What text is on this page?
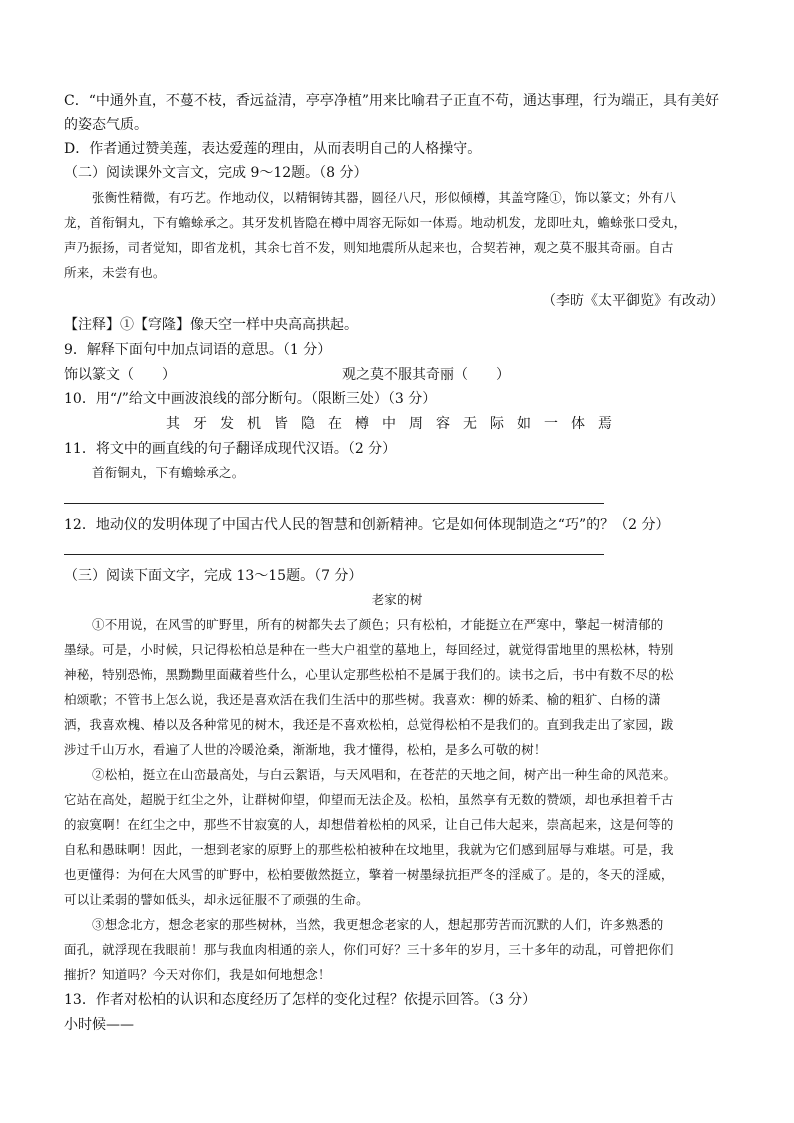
C．“中通外直，不蔓不枝，香远益清，亭亭净植”用来比喻君子正直不苟，通达事理，行为端正，具有美好
的姿态气质。
D．作者通过赞美莲，表达爱莲的理由，从而表明自己的人格操守。
（二）阅读课外文言文，完成 9～12题。（8 分）
张衡性精微，有巧艺。作地动仪，以精铜铸其器，圆径八尺，形似倾樽，其盖穹隆①，饰以篆文；外有八
龙，首衔铜丸，下有蟾蜍承之。其牙发机皆隐在樽中周容无际如一体焉。地动机发，龙即吐丸，蟾蜍张口受丸，
声乃振扬，司者觉知，即省龙机，其余七首不发，则知地震所从起来也，合契若神，观之莫不服其奇丽。自古
所来，未尝有也。
（李昉《太平御览》有改动）
【注释】①【穹隆】像天空一样中央高高拱起。
9．解释下面句中加点词语的意思。（1 分）
饰以篆文（　　）	观之莫不服其奇丽（　　）
10．用“/”给文中画波浪线的部分断句。（限断三处）（3 分）
其牙发机皆隐在樽中周容无际如一体焉
11．将文中的画直线的句子翻译成现代汉语。（2 分）
首衔铜丸，下有蟾蜍承之。
12．地动仪的发明体现了中国古代人民的智慧和创新精神。它是如何体现制造之“巧”的？（2 分）
（三）阅读下面文字，完成 13～15题。（7 分）
老家的树
①不用说，在风雪的旷野里，所有的树都失去了颜色；只有松柏，才能挺立在严寒中，擎起一树清郁的
墨绿。可是，小时候，只记得松柏总是种在一些大户祖堂的墓地上，每回经过，就觉得雷地里的黑松林，特别
神秘，特别恐怖，黑黝黝里面藏着些什么，心里认定那些松柏不是属于我们的。读书之后，书中有数不尽的松
柏颂歌；不管书上怎么说，我还是喜欢活在我们生活中的那些树。我喜欢：柳的娇柔、榆的粗犷、白杨的潇
洒，我喜欢槐、椿以及各种常见的树木，我还是不喜欢松柏，总觉得松柏不是我们的。直到我走出了家园，跋
涉过千山万水，看遍了人世的冷暖沧桑，渐渐地，我才懂得，松柏，是多么可敬的树！
②松柏，挺立在山峦最高处，与白云絮语，与天风唱和，在苍茫的天地之间，树产出一种生命的风范来。
它站在高处，超脱于红尘之外，让群树仰望，仰望而无法企及。松柏，虽然享有无数的赞颂，却也承担着千古
的寂寞啊！在红尘之中，那些不甘寂寞的人，却想借着松柏的风采，让自己伟大起来，崇高起来，这是何等的
自私和愚昧啊！因此，一想到老家的原野上的那些松柏被种在坟地里，我就为它们感到屈辱与难堪。可是，我
也更懂得：为何在大风雪的旷野中，松柏要傲然挺立，擎着一树墨绿抗拒严冬的淫威了。是的，冬天的淫威，
可以让柔弱的譬如低头，却永远征服不了顽强的生命。
③想念北方，想念老家的那些树林，当然，我更想念老家的人，想起那劳苦而沉默的人们，许多熟悉的
面孔，就浮现在我眼前！那与我血肉相通的亲人，你们可好？三十多年的岁月，三十多年的动乱，可曾把你们
摧折？知道吗？今天对你们，我是如何地想念！
13．作者对松柏的认识和态度经历了怎样的变化过程？依提示回答。（3 分）
小时候——
